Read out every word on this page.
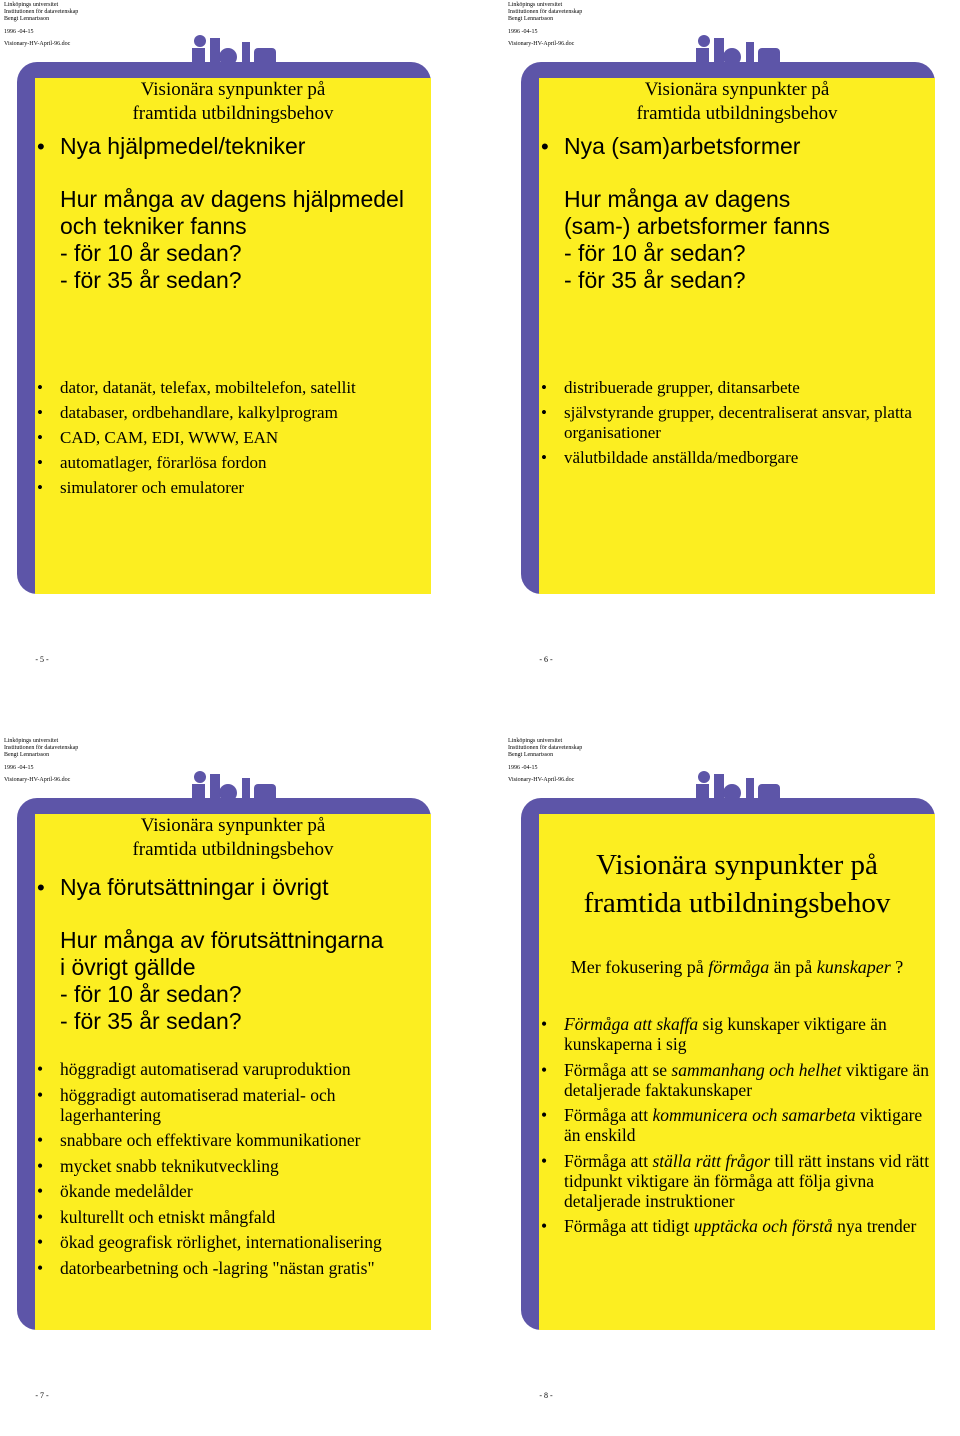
Linköpings universitet
Institutionen för datavetenskap
Bengt Lennartsson
1996 -04-15
Visionary-HV-April-96.doc
Visionära synpunkter på
framtida utbildningsbehov
• Nya hjälpmedel/tekniker
Hur många av dagens hjälpmedel
och tekniker fanns
- för 10 år sedan?
- för 35 år sedan?
• dator, datanät, telefax, mobiltelefon, satellit
• databaser, ordbehandlare, kalkylprogram
• CAD, CAM, EDI, WWW, EAN
• automatlager, förarlösa fordon
• simulatorer och emulatorer
- 5 -
Linköpings universitet
Institutionen för datavetenskap
Bengt Lennartsson
1996 -04-15
Visionary-HV-April-96.doc
Visionära synpunkter på
framtida utbildningsbehov
• Nya (sam)arbetsformer
Hur många av dagens
(sam-) arbetsformer fanns
- för 10 år sedan?
- för 35 år sedan?
• distribuerade grupper, ditansarbete
• självstyrande grupper, decentraliserat ansvar, platta organisationer
• välutbildade anställda/medborgare
- 6 -
Linköpings universitet
Institutionen för datavetenskap
Bengt Lennartsson
1996 -04-15
Visionary-HV-April-96.doc
Visionära synpunkter på
framtida utbildningsbehov
• Nya förutsättningar i övrigt
Hur många av förutsättningarna
i övrigt gällde
- för 10 år sedan?
- för 35 år sedan?
• höggradigt automatiserad varuproduktion
• höggradigt automatiserad material- och lagerhantering
• snabbare och effektivare kommunikationer
• mycket snabb teknikutveckling
• ökande medelålder
• kulturellt och etniskt mångfald
• ökad geografisk rörlighet, internationalisering
• datorbearbetning och -lagring "nästan gratis"
- 7 -
Linköpings universitet
Institutionen för datavetenskap
Bengt Lennartsson
1996 -04-15
Visionary-HV-April-96.doc
Visionära synpunkter på
framtida utbildningsbehov
Mer fokusering på förmåga än på kunskaper ?
• Förmåga att skaffa sig kunskaper viktigare än kunskaperna i sig
• Förmåga att se sammanhang och helhet viktigare än detaljerade faktakunskaper
• Förmåga att kommunicera och samarbeta viktigare än enskild
• Förmåga att ställa rätt frågor till rätt instans vid rätt tidpunkt viktigare än förmåga att följa givna detaljerade instruktioner
• Förmåga att tidigt upptäcka och förstå nya trender
- 8 -
